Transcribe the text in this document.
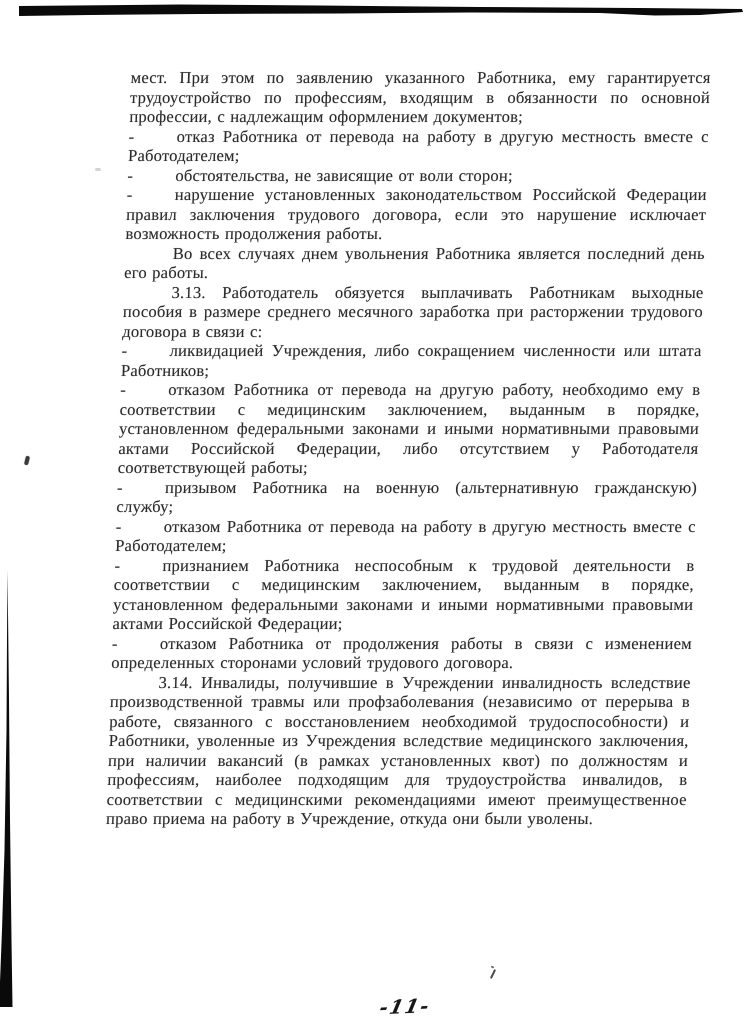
мест. При этом по заявлению указанного Работника, ему гарантируется трудоустройство по профессиям, входящим в обязанности по основной профессии, с надлежащим оформлением документов;

-	отказ Работника от перевода на работу в другую местность вместе с Работодателем;

-	обстоятельства, не зависящие от воли сторон;

-	нарушение установленных законодательством Российской Федерации правил заключения трудового договора, если это нарушение исключает возможность продолжения работы.

Во всех случаях днем увольнения Работника является последний день его работы.

3.13. Работодатель обязуется выплачивать Работникам выходные пособия в размере среднего месячного заработка при расторжении трудового договора в связи с:

-	ликвидацией Учреждения, либо сокращением численности или штата Работников;

-	отказом Работника от перевода на другую работу, необходимо ему в соответствии с медицинским заключением, выданным в порядке, установленном федеральными законами и иными нормативными правовыми актами Российской Федерации, либо отсутствием у Работодателя соответствующей работы;

-	призывом Работника на военную (альтернативную гражданскую) службу;

-	отказом Работника от перевода на работу в другую местность вместе с Работодателем;

-	признанием Работника неспособным к трудовой деятельности в соответствии с медицинским заключением, выданным в порядке, установленном федеральными законами и иными нормативными правовыми актами Российской Федерации;

-	отказом Работника от продолжения работы в связи с изменением определенных сторонами условий трудового договора.

3.14. Инвалиды, получившие в Учреждении инвалидность вследствие производственной травмы или профзаболевания (независимо от перерыва в работе, связанного с восстановлением необходимой трудоспособности) и Работники, уволенные из Учреждения вследствие медицинского заключения, при наличии вакансий (в рамках установленных квот) по должностям и профессиям, наиболее подходящим для трудоустройства инвалидов, в соответствии с медицинскими рекомендациями имеют преимущественное право приема на работу в Учреждение, откуда они были уволены.

-11-
